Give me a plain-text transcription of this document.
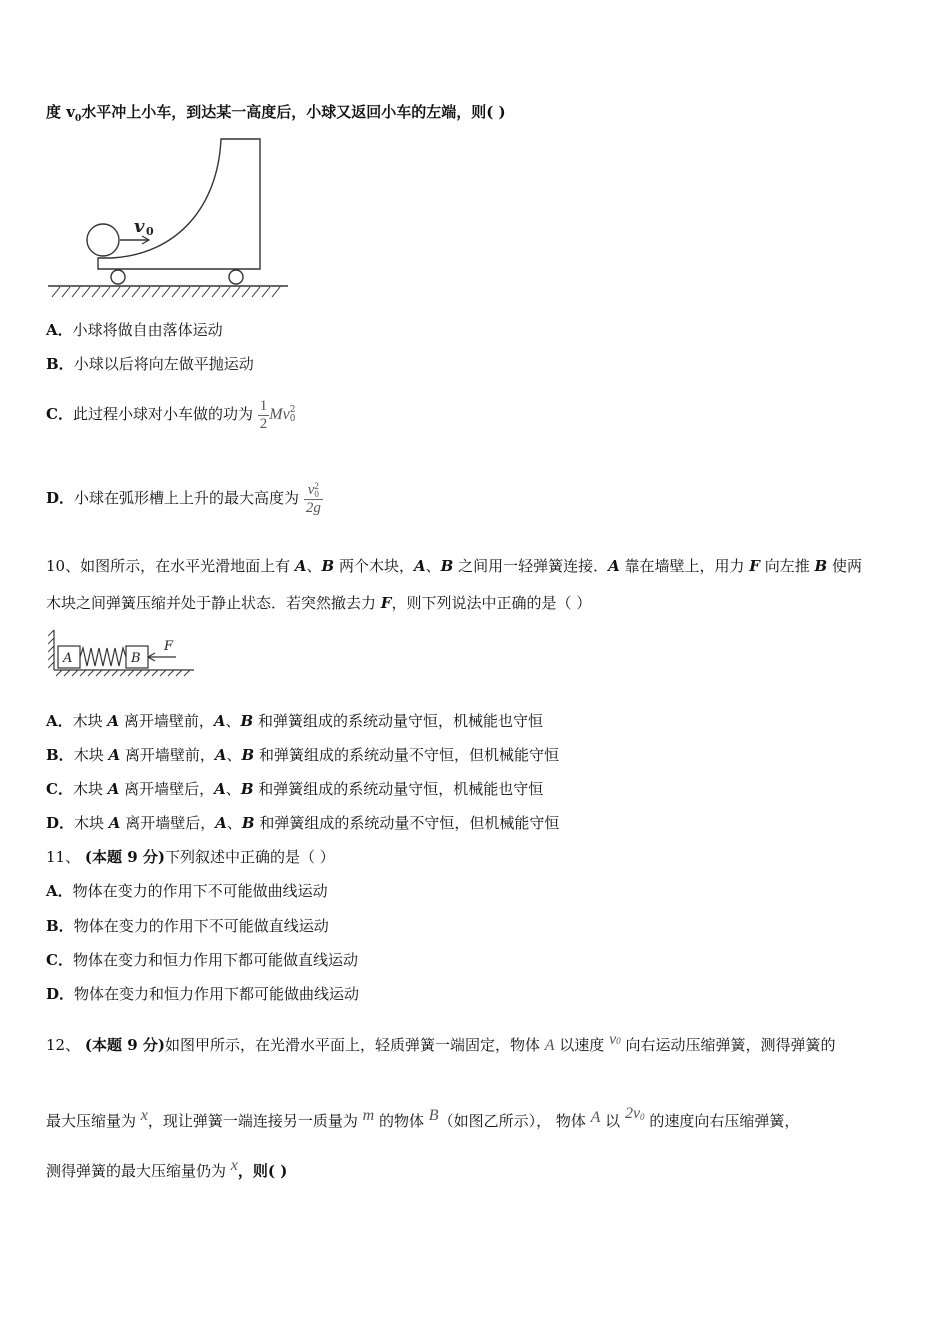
度 $v_0$水平冲上小车，到达某一高度后，小球又返回小车的左端，则( )
v 0
A．小球将做自由落体运动
B．小球以后将向左做平抛运动
C．此过程小球对小车做的功为 $\frac{1}{2}$ Mv 2
0
D．小球在弧形槽上上升的最大高度为 v 2
0
2g
10、如图所示，在水平光滑地面上有 A、B 两个木块，A、B 之间用一轻弹簧连接．A 靠在墙壁上，用力 F 向左推 B 使两
木块之间弹簧压缩并处于静止状态．若突然撤去力 F，则下列说法中正确的是（ ）
A	B
F
A．木块 A 离开墙壁前，A、B 和弹簧组成的系统动量守恒，机械能也守恒
B．木块 A 离开墙壁前，A、B 和弹簧组成的系统动量不守恒，但机械能守恒
C．木块 A 离开墙壁后，A、B 和弹簧组成的系统动量守恒，机械能也守恒
D．木块 A 离开墙壁后，A、B 和弹簧组成的系统动量不守恒，但机械能守恒
11、 (本题 9 分)下列叙述中正确的是（ ）
A．物体在变力的作用下不可能做曲线运动
B．物体在变力的作用下不可能做直线运动
C．物体在变力和恒力作用下都可能做直线运动
D．物体在变力和恒力作用下都可能做曲线运动
12、 (本题 9 分)如图甲所示，在光滑水平面上，轻质弹簧一端固定，物体 A 以速度 $v_0$ 向右运动压缩弹簧，测得弹簧的
最大压缩量为 x，现让弹簧一端连接另一质量为 m 的物体 B（如图乙所示）， 物体 A 以 $2v_0$ 的速度向右压缩弹簧，
测得弹簧的最大压缩量仍为 x，则( )
